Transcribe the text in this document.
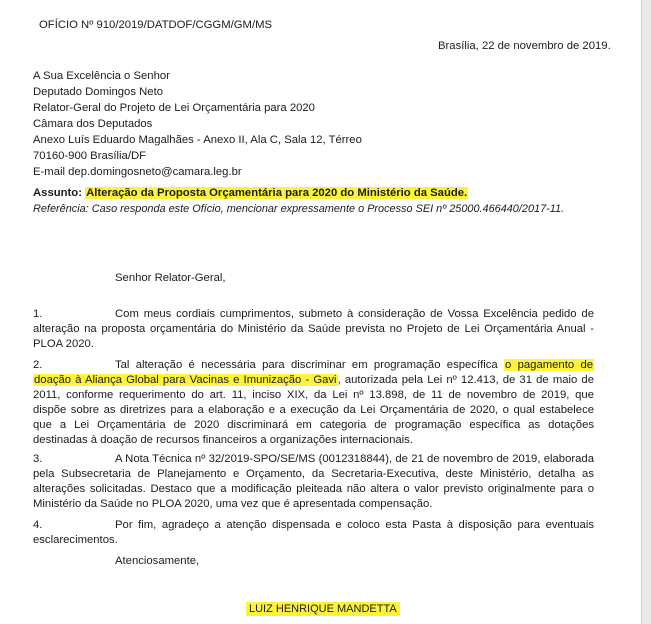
OFÍCIO Nº 910/2019/DATDOF/CGGM/GM/MS
Brasília, 22 de novembro de 2019.
A Sua Excelência o Senhor
Deputado Domingos Neto
Relator-Geral do Projeto de Lei Orçamentária para 2020
Câmara dos Deputados
Anexo Luís Eduardo Magalhães - Anexo II, Ala C, Sala 12, Térreo
70160-900 Brasília/DF
E-mail dep.domingosneto@camara.leg.br
Assunto: Alteração da Proposta Orçamentária para 2020 do Ministério da Saúde.
Referência: Caso responda este Ofício, mencionar expressamente o Processo SEI nº 25000.466440/2017-11.
Senhor Relator-Geral,
1.	Com meus cordiais cumprimentos, submeto à consideração de Vossa Excelência pedido de
alteração na proposta orçamentária do Ministério da Saúde prevista no Projeto de Lei Orçamentária Anual -
PLOA 2020.
2.	Tal alteração é necessária para discriminar em programação específica o pagamento de
doação à Aliança Global para Vacinas e Imunização - Gavi, autorizada pela Lei nº 12.413, de 31 de maio de
2011, conforme requerimento do art. 11, inciso XIX, da Lei nº 13.898, de 11 de novembro de 2019, que
dispõe sobre as diretrizes para a elaboração e a execução da Lei Orçamentária de 2020, o qual estabelece
que a Lei Orçamentária de 2020 discriminará em categoria de programação específica as dotações
destinadas à doação de recursos financeiros a organizações internacionais.
3.	A Nota Técnica nº 32/2019-SPO/SE/MS (0012318844), de 21 de novembro de 2019, elaborada
pela Subsecretaria de Planejamento e Orçamento, da Secretaria-Executiva, deste Ministério, detalha as
alterações solicitadas. Destaco que a modificação pleiteada não altera o valor previsto originalmente para o
Ministério da Saúde no PLOA 2020, uma vez que é apresentada compensação.
4.	Por fim, agradeço a atenção dispensada e coloco esta Pasta à disposição para eventuais
esclarecimentos.
Atenciosamente,
LUIZ HENRIQUE MANDETTA
